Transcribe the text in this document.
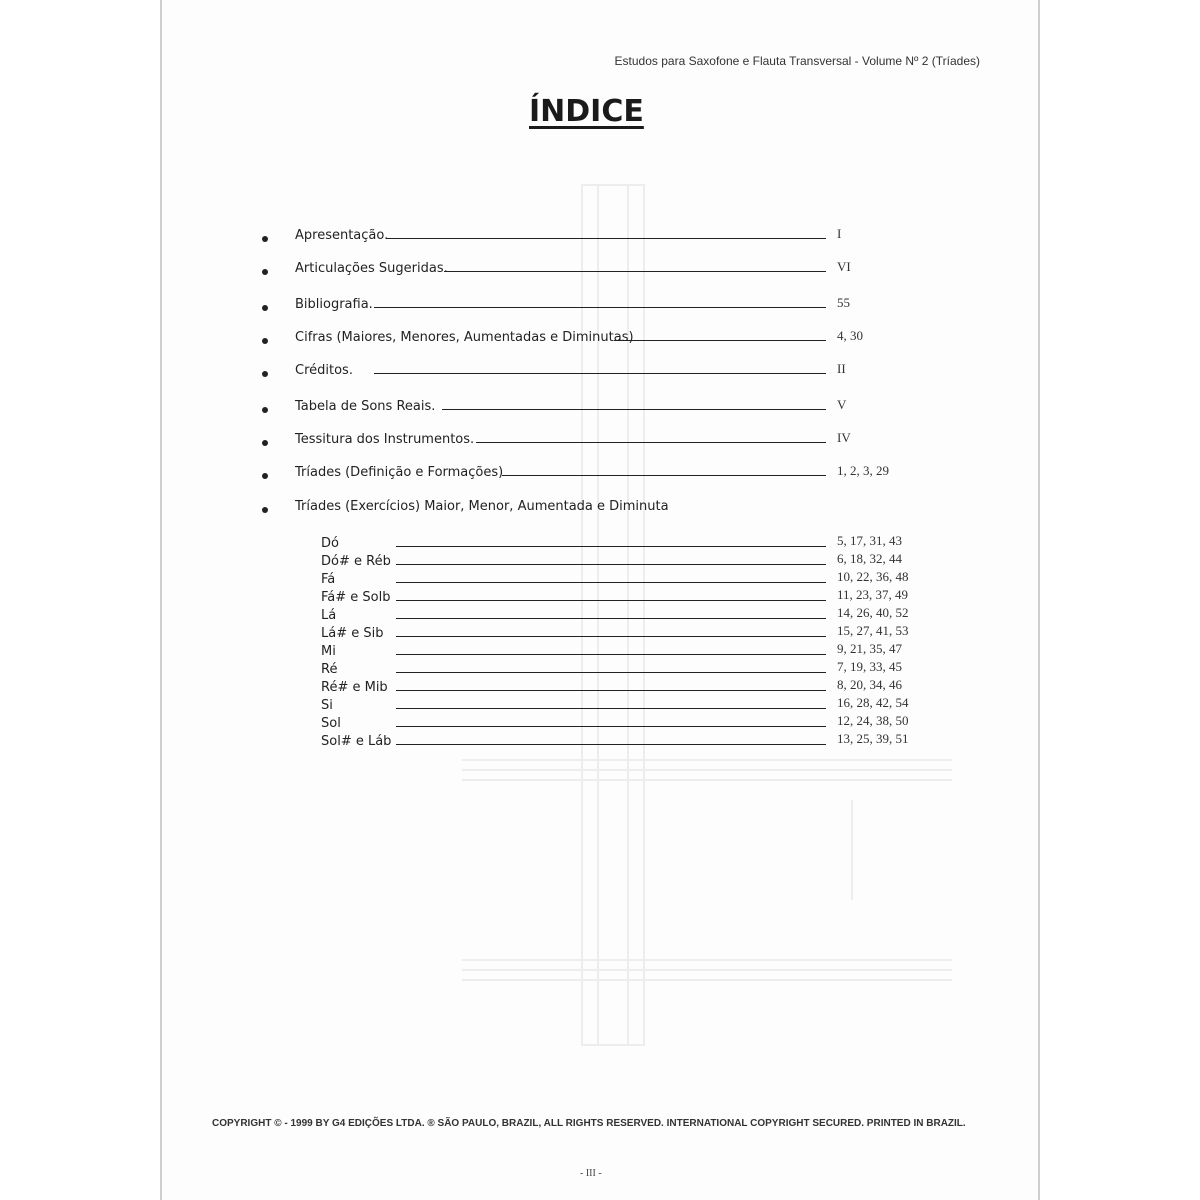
Estudos para Saxofone e Flauta Transversal - Volume Nº 2 (Tríades)
ÍNDICE
Apresentação.	I
Articulações Sugeridas.	VI
Bibliografia.	55
Cifras (Maiores, Menores, Aumentadas e Diminutas)	4, 30
Créditos.	II
Tabela de Sons Reais.	V
Tessitura dos Instrumentos.	IV
Tríades (Definição e Formações)	1, 2, 3, 29
Tríades (Exercícios) Maior, Menor, Aumentada e Diminuta
Dó	5, 17, 31, 43
Dó# e Réb	6, 18, 32, 44
Fá	10, 22, 36, 48
Fá# e Solb	11, 23, 37, 49
Lá	14, 26, 40, 52
Lá# e Sib	15, 27, 41, 53
Mi	9, 21, 35, 47
Ré	7, 19, 33, 45
Ré# e Mib	8, 20, 34, 46
Si	16, 28, 42, 54
Sol	12, 24, 38, 50
Sol# e Láb	13, 25, 39, 51
COPYRIGHT © - 1999 BY G4 EDIÇÕES LTDA. ® SÃO PAULO, BRAZIL, ALL RIGHTS RESERVED. INTERNATIONAL COPYRIGHT SECURED. PRINTED IN BRAZIL.
- III -
